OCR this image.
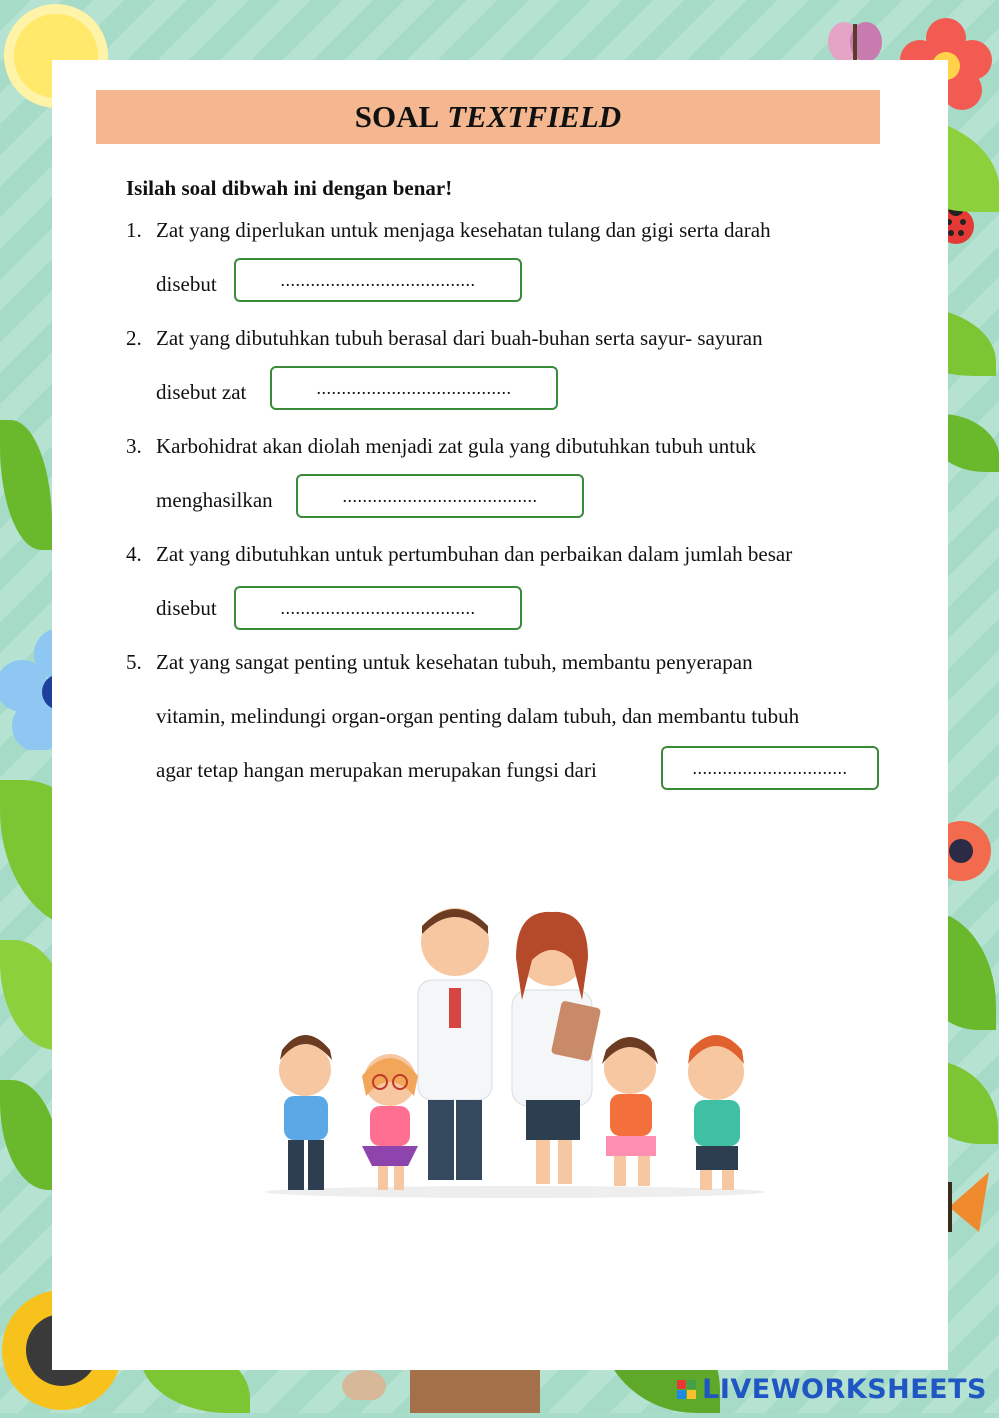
SOAL TEXTFIELD
Isilah soal dibwah ini dengan benar!
1. Zat yang diperlukan untuk menjaga kesehatan tulang dan gigi serta darah
disebut	.......................................
2. Zat yang dibutuhkan tubuh berasal dari buah-buhan serta sayur- sayuran
disebut zat	.......................................
3. Karbohidrat akan diolah menjadi zat gula yang dibutuhkan tubuh untuk
menghasilkan	.......................................
4. Zat yang dibutuhkan untuk pertumbuhan dan perbaikan dalam jumlah besar
disebut	.......................................
5. Zat yang sangat penting untuk kesehatan tubuh, membantu penyerapan
vitamin, melindungi organ-organ penting dalam tubuh, dan membantu tubuh
agar tetap hangan merupakan merupakan fungsi dari	...............................
LIVEWORKSHEETS
